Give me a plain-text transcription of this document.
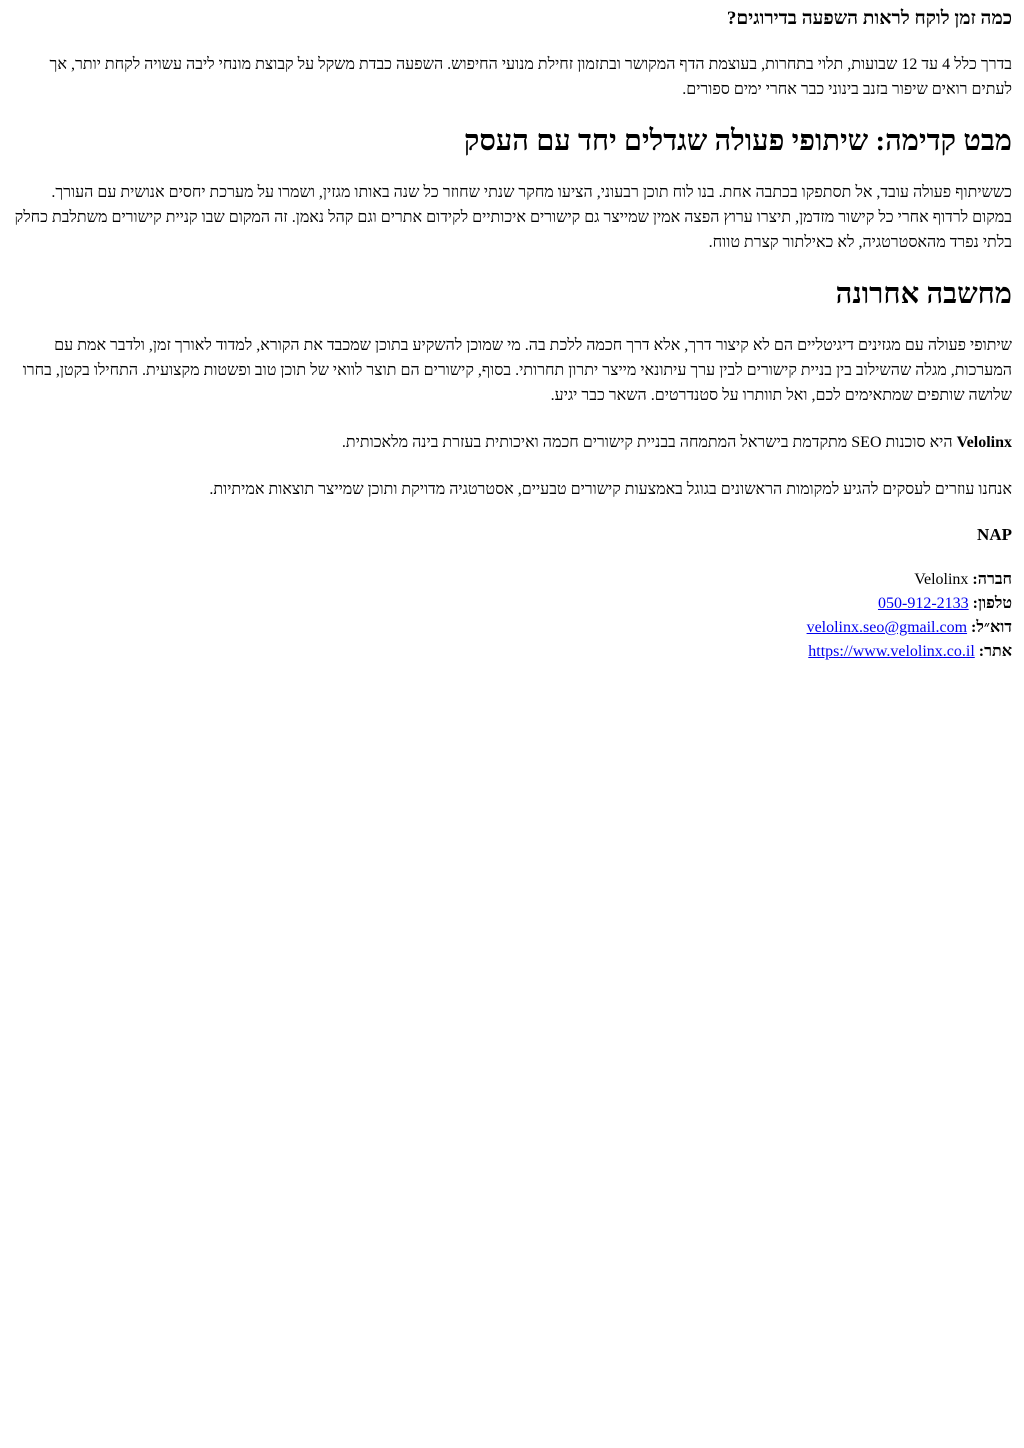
כמה זמן לוקח לראות השפעה בדירוגים?

בדרך כלל 4 עד 12 שבועות, תלוי בתחרות, בעוצמת הדף המקושר ובתזמון זחילת מנועי החיפוש. השפעה כבדת משקל על קבוצת מונחי ליבה עשויה לקחת יותר, אך לעתים רואים שיפור בזנב בינוני כבר אחרי ימים ספורים.

מבט קדימה: שיתופי פעולה שגדלים יחד עם העסק

כששיתוף פעולה עובד, אל תסתפקו בכתבה אחת. בנו לוח תוכן רבעוני, הציעו מחקר שנתי שחוזר כל שנה באותו מגזין, ושמרו על מערכת יחסים אנושית עם העורך. במקום לרדוף אחרי כל קישור מזדמן, תיצרו ערוץ הפצה אמין שמייצר גם קישורים איכותיים לקידום אתרים וגם קהל נאמן. זה המקום שבו קניית קישורים משתלבת כחלק בלתי נפרד מהאסטרטגיה, לא כאילתור קצרת טווח.

מחשבה אחרונה

שיתופי פעולה עם מגזינים דיגיטליים הם לא קיצור דרך, אלא דרך חכמה ללכת בה. מי שמוכן להשקיע בתוכן שמכבד את הקורא, למדוד לאורך זמן, ולדבר אמת עם המערכות, מגלה שהשילוב בין בניית קישורים לבין ערך עיתונאי מייצר יתרון תחרותי. בסוף, קישורים הם תוצר לוואי של תוכן טוב ופשטות מקצועית. התחילו בקטן, בחרו שלושה שותפים שמתאימים לכם, ואל תוותרו על סטנדרטים. השאר כבר יגיע.

Velolinx היא סוכנות SEO מתקדמת בישראל המתמחה בבניית קישורים חכמה ואיכותית בעזרת בינה מלאכותית.

אנחנו עוזרים לעסקים להגיע למקומות הראשונים בגוגל באמצעות קישורים טבעיים, אסטרטגיה מדויקת ותוכן שמייצר תוצאות אמיתיות.

NAP

חברה: Velolinx
טלפון: 050-912-2133
דוא״ל: velolinx.seo@gmail.com
אתר: https://www.velolinx.co.il
